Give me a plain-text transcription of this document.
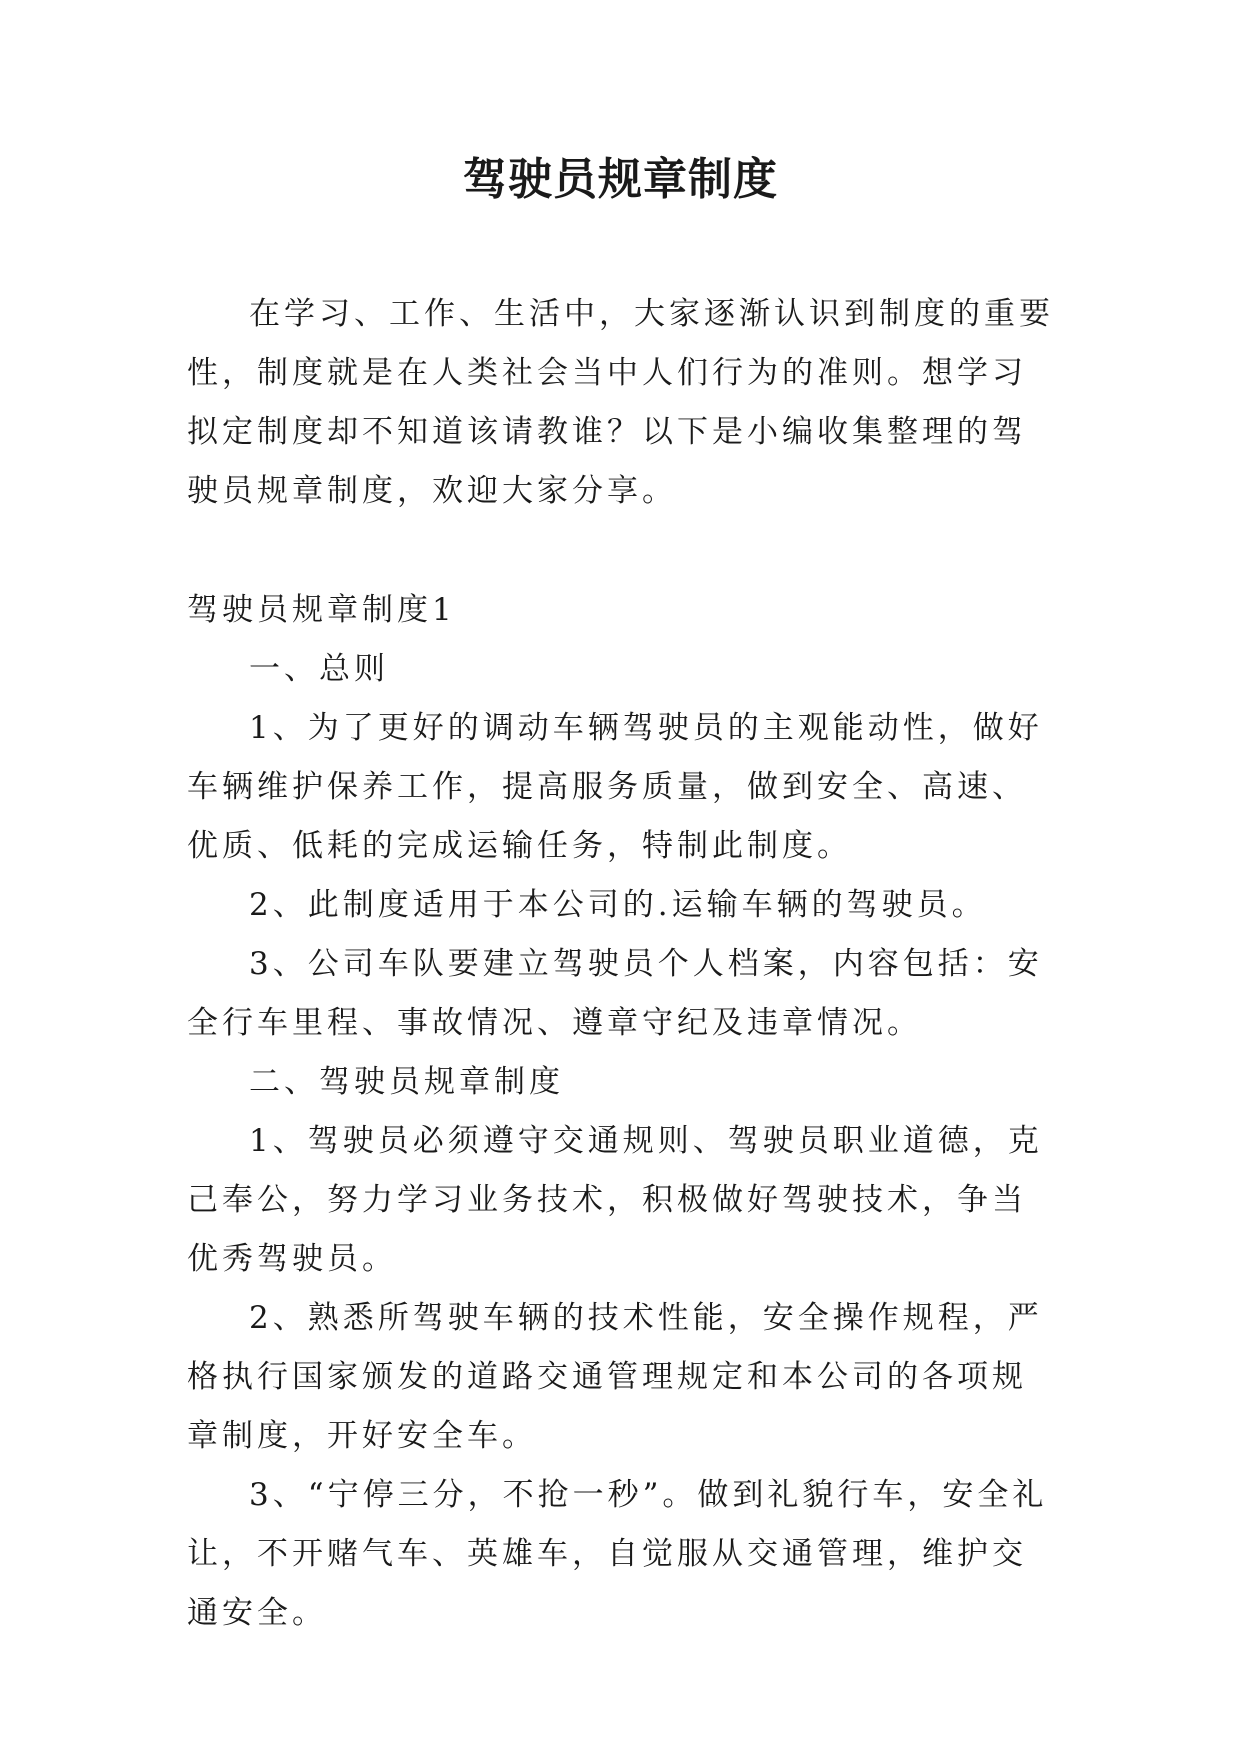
驾驶员规章制度

在学习、工作、生活中，大家逐渐认识到制度的重要性，制度就是在人类社会当中人们行为的准则。想学习拟定制度却不知道该请教谁？以下是小编收集整理的驾驶员规章制度，欢迎大家分享。

驾驶员规章制度1

一、总则

1、为了更好的调动车辆驾驶员的主观能动性，做好车辆维护保养工作，提高服务质量，做到安全、高速、优质、低耗的完成运输任务，特制此制度。

2、此制度适用于本公司的.运输车辆的驾驶员。

3、公司车队要建立驾驶员个人档案，内容包括：安全行车里程、事故情况、遵章守纪及违章情况。

二、驾驶员规章制度

1、驾驶员必须遵守交通规则、驾驶员职业道德，克己奉公，努力学习业务技术，积极做好驾驶技术，争当优秀驾驶员。

2、熟悉所驾驶车辆的技术性能，安全操作规程，严格执行国家颁发的道路交通管理规定和本公司的各项规章制度，开好安全车。

3、“宁停三分，不抢一秒”。做到礼貌行车，安全礼让，不开赌气车、英雄车，自觉服从交通管理，维护交通安全。
